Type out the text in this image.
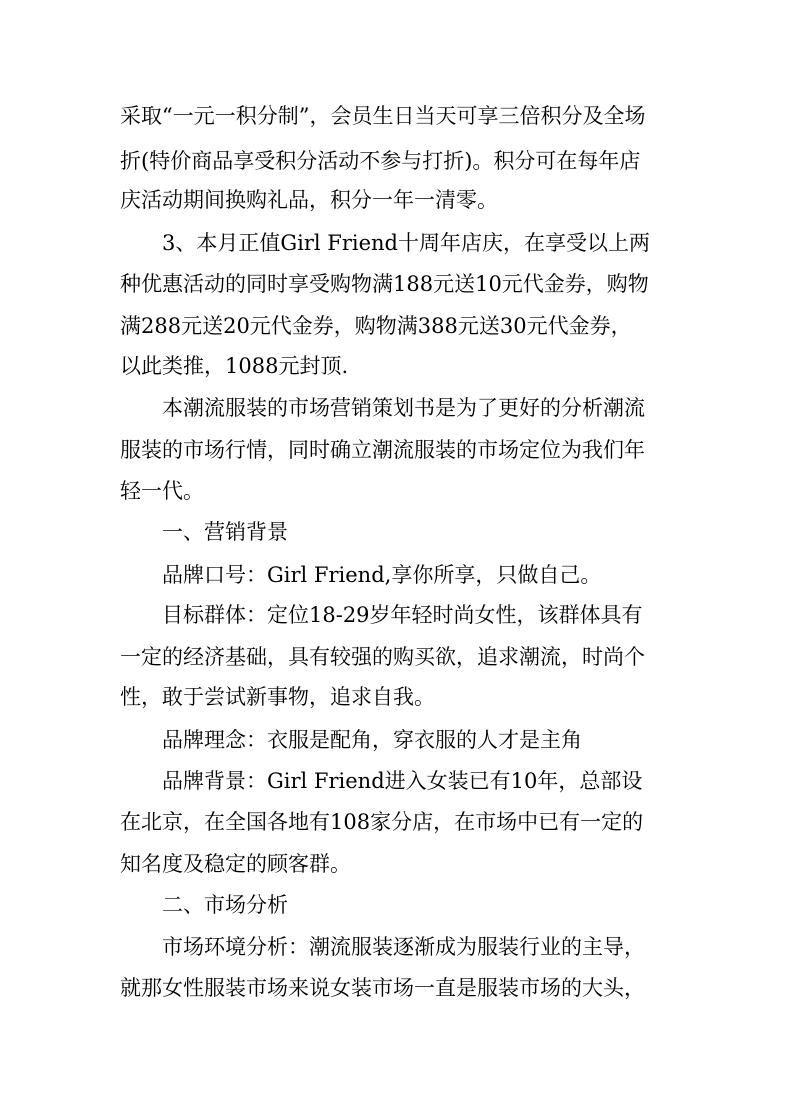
采取“一元一积分制”，会员生日当天可享三倍积分及全场
折(特价商品享受积分活动不参与打折)。积分可在每年店
庆活动期间换购礼品，积分一年一清零。
3、本月正值Girl Friend十周年店庆，在享受以上两
种优惠活动的同时享受购物满188元送10元代金券，购物
满288元送20元代金券，购物满388元送30元代金券，
以此类推，1088元封顶.
本潮流服装的市场营销策划书是为了更好的分析潮流
服装的市场行情，同时确立潮流服装的市场定位为我们年
轻一代。
一、营销背景
品牌口号：Girl Friend,享你所享，只做自己。
目标群体：定位18-29岁年轻时尚女性，该群体具有
一定的经济基础，具有较强的购买欲，追求潮流，时尚个
性，敢于尝试新事物，追求自我。
品牌理念：衣服是配角，穿衣服的人才是主角
品牌背景：Girl Friend进入女装已有10年，总部设
在北京，在全国各地有108家分店，在市场中已有一定的
知名度及稳定的顾客群。
二、市场分析
市场环境分析：潮流服装逐渐成为服装行业的主导，
就那女性服装市场来说女装市场一直是服装市场的大头，
